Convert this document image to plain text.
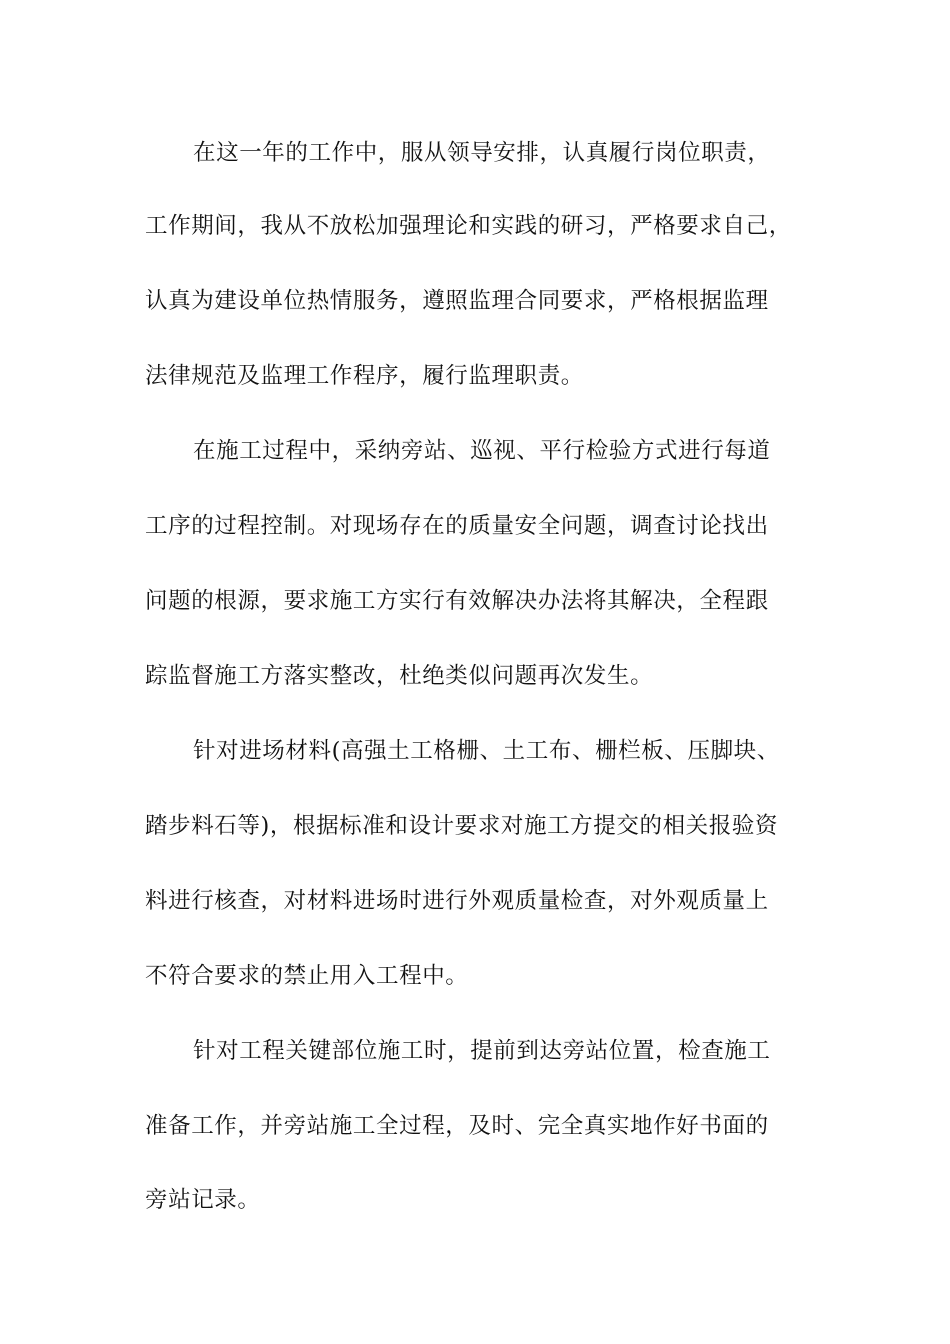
在这一年的工作中，服从领导安排，认真履行岗位职责，
工作期间，我从不放松加强理论和实践的研习，严格要求自己，
认真为建设单位热情服务，遵照监理合同要求，严格根据监理
法律规范及监理工作程序，履行监理职责。
在施工过程中，采纳旁站、巡视、平行检验方式进行每道
工序的过程控制。对现场存在的质量安全问题，调查讨论找出
问题的根源，要求施工方实行有效解决办法将其解决，全程跟
踪监督施工方落实整改，杜绝类似问题再次发生。
针对进场材料(高强土工格栅、土工布、栅栏板、压脚块、
踏步料石等)，根据标准和设计要求对施工方提交的相关报验资
料进行核查，对材料进场时进行外观质量检查，对外观质量上
不符合要求的禁止用入工程中。
针对工程关键部位施工时，提前到达旁站位置，检查施工
准备工作，并旁站施工全过程，及时、完全真实地作好书面的
旁站记录。
